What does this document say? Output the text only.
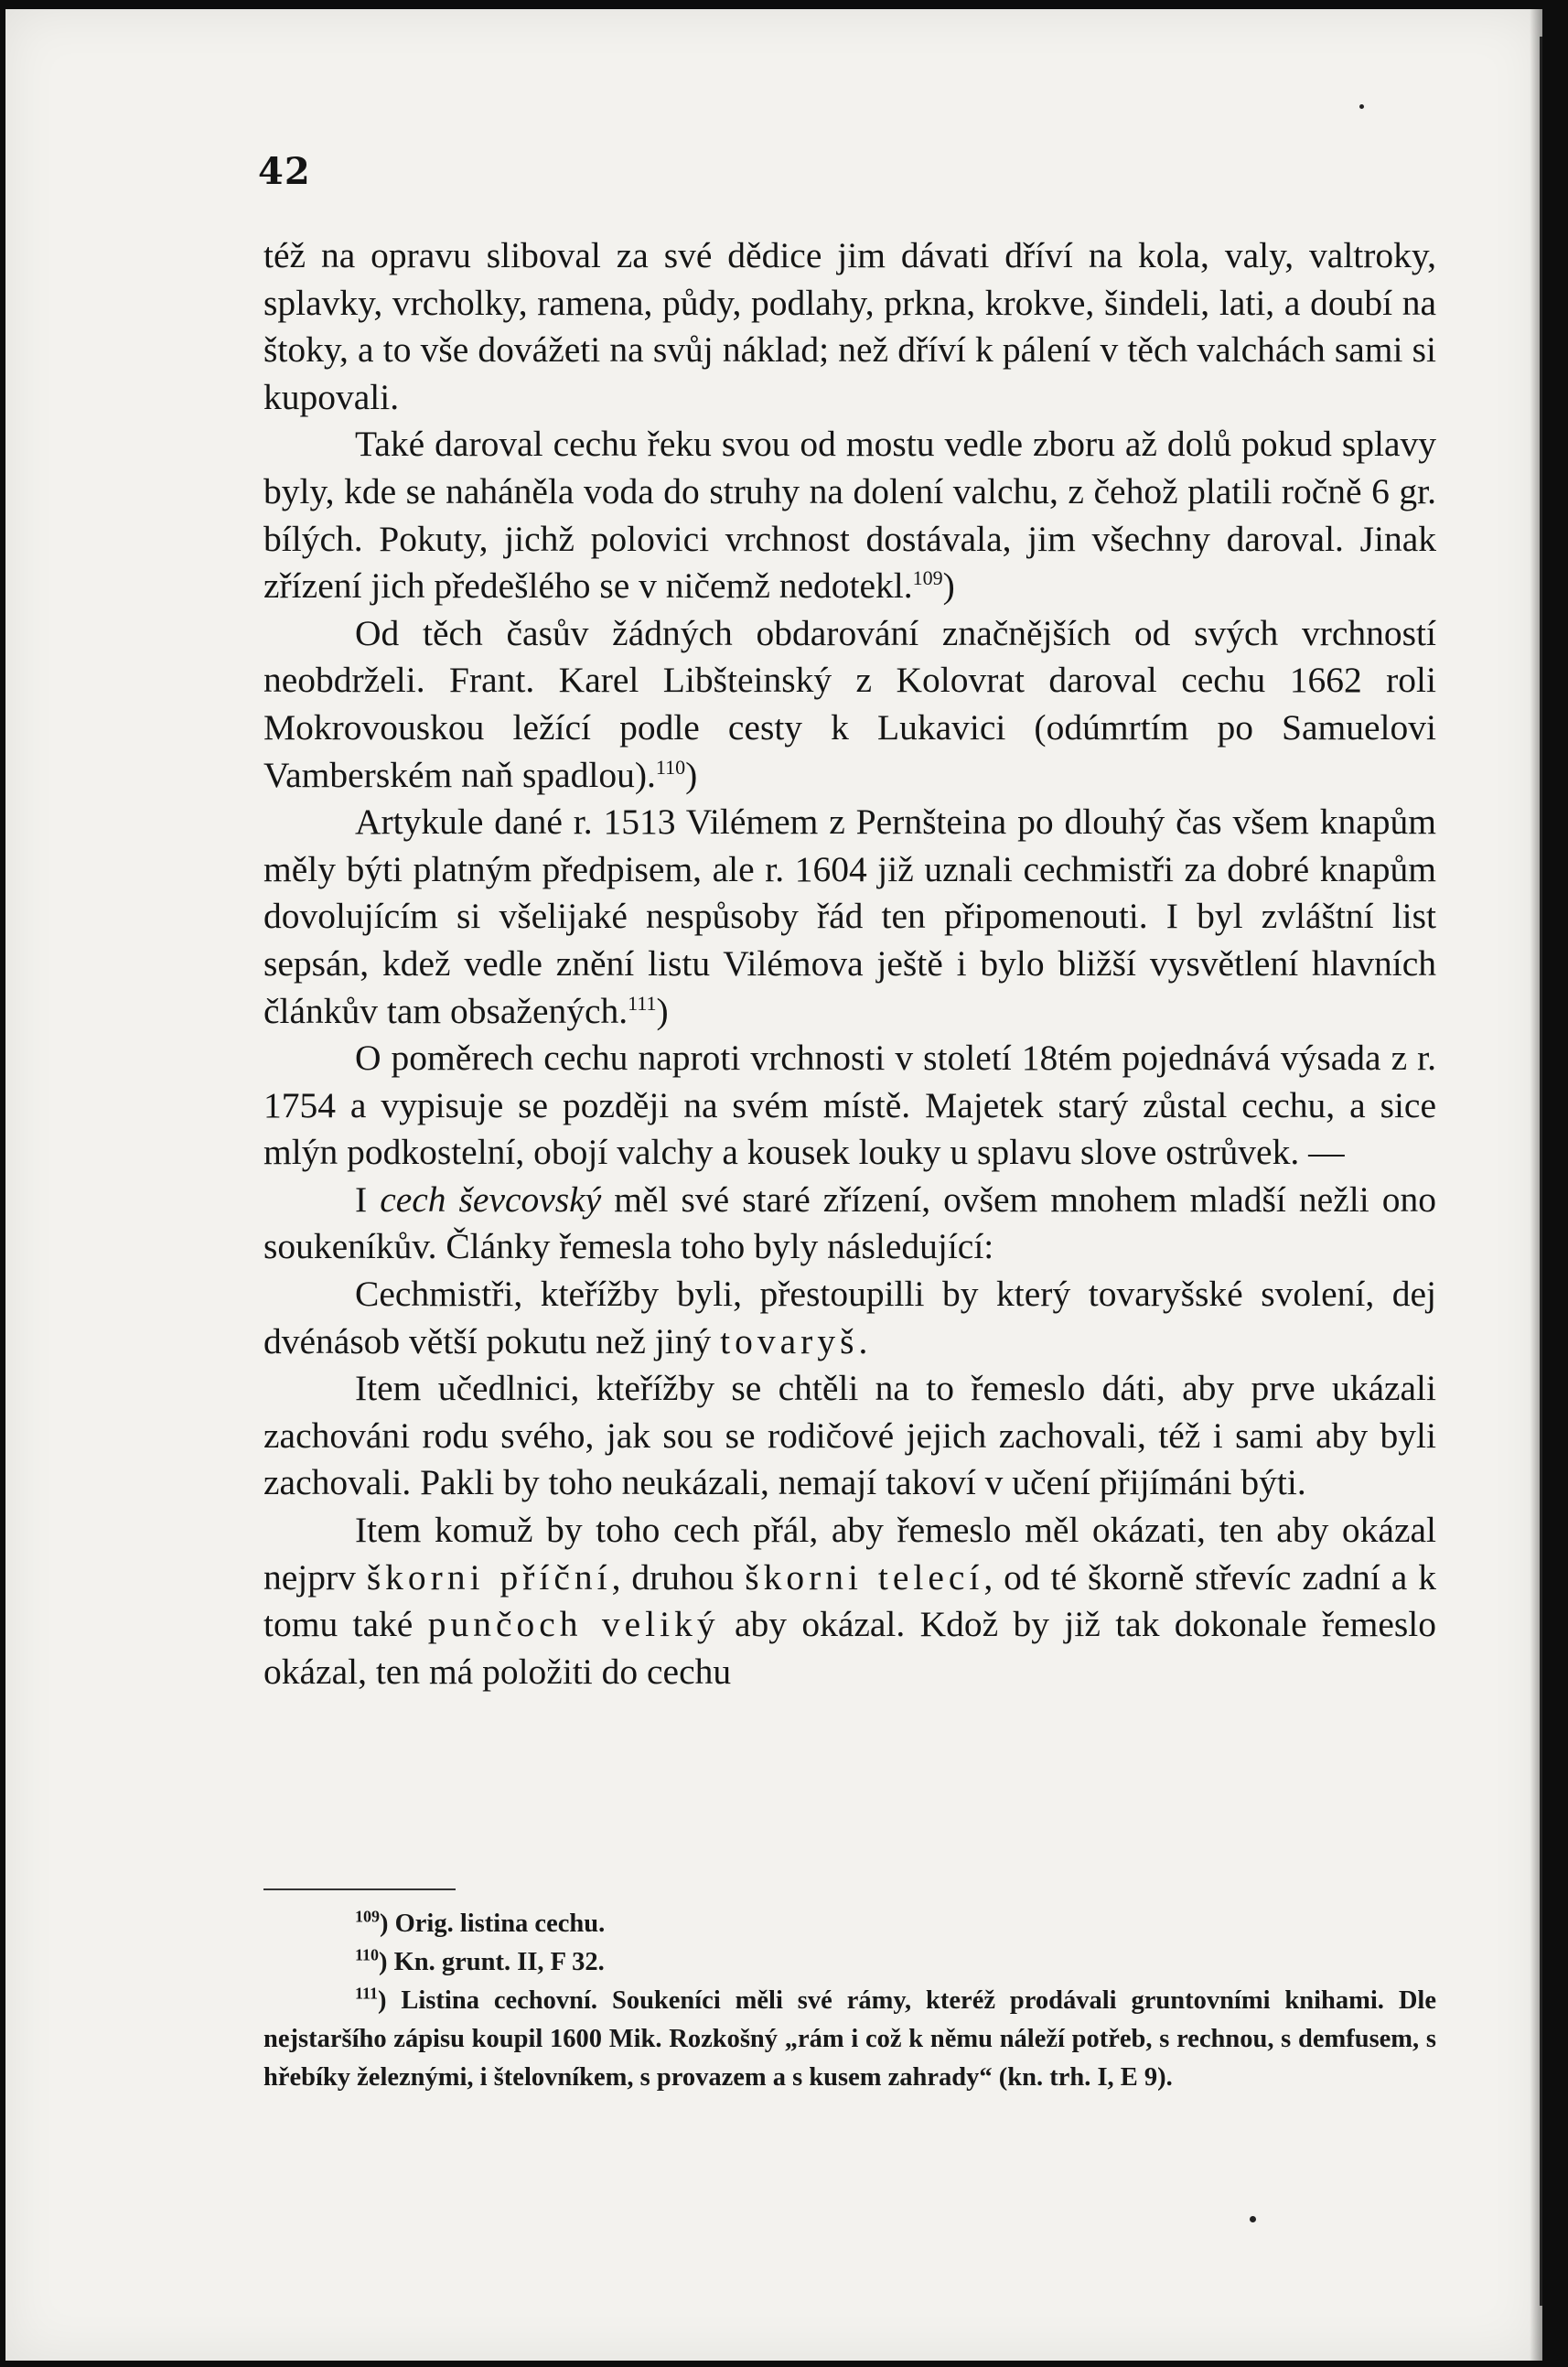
42

též na opravu sliboval za své dědice jim dávati dříví na kola, valy, valtroky, splavky, vrcholky, ramena, půdy, podlahy, prkna, krokve, šindeli, lati, a doubí na štoky, a to vše dovážeti na svůj náklad; než dříví k pálení v těch valchách sami si kupovali.

Také daroval cechu řeku svou od mostu vedle zboru až dolů pokud splavy byly, kde se naháněla voda do struhy na dolení valchu, z čehož platili ročně 6 gr. bílých. Pokuty, jichž polovici vrchnost dostávala, jim všechny daroval. Jinak zřízení jich předešlého se v ničemž nedotekl.$^{109}$)

Od těch časův žádných obdarování značnějších od svých vrchností neobdrželi. Frant. Karel Libšteinský z Kolovrat daroval cechu 1662 roli Mokrovouskou ležící podle cesty k Lukavici (odúmrtím po Samuelovi Vamberském naň spadlou).$^{110}$)

Artykule dané r. 1513 Vilémem z Pernšteina po dlouhý čas všem knapům měly býti platným předpisem, ale r. 1604 již uznali cechmistři za dobré knapům dovolujícím si všelijaké nespůsoby řád ten připomenouti. I byl zvláštní list sepsán, kdež vedle znění listu Vilémova ještě i bylo bližší vysvětlení hlavních článkův tam obsažených.$^{111}$)

O poměrech cechu naproti vrchnosti v století 18tém pojednává výsada z r. 1754 a vypisuje se později na svém místě. Majetek starý zůstal cechu, a sice mlýn podkostelní, obojí valchy a kousek louky u splavu slove ostrůvek. —

I cech ševcovský měl své staré zřízení, ovšem mnohem mladší nežli ono soukeníkův. Články řemesla toho byly následující:

Cechmistři, kteřížby byli, přestoupilli by který tovaryšské svolení, dej dvénásob větší pokutu než jiný tovaryš.

Item učedlnici, kteřížby se chtěli na to řemeslo dáti, aby prve ukázali zachováni rodu svého, jak sou se rodičové jejich zachovali, též i sami aby byli zachovali. Pakli by toho neukázali, nemají takoví v učení přijímáni býti.

Item komuž by toho cech přál, aby řemeslo měl okázati, ten aby okázal nejprv škorni příční, druhou škorni telecí, od té škorně střevíc zadní a k tomu také punčoch veliký aby okázal. Kdož by již tak dokonale řemeslo okázal, ten má položiti do cechu

$^{109}$) Orig. listina cechu.

$^{110}$) Kn. grunt. II, F 32.

$^{111}$) Listina cechovní. Soukeníci měli své rámy, kteréž prodávali gruntovními knihami. Dle nejstaršího zápisu koupil 1600 Mik. Rozkošný „rám i což k němu náleží potřeb, s rechnou, s demfusem, s hřebíky železnými, i štelovníkem, s provazem a s kusem zahrady“ (kn. trh. I, E 9).
